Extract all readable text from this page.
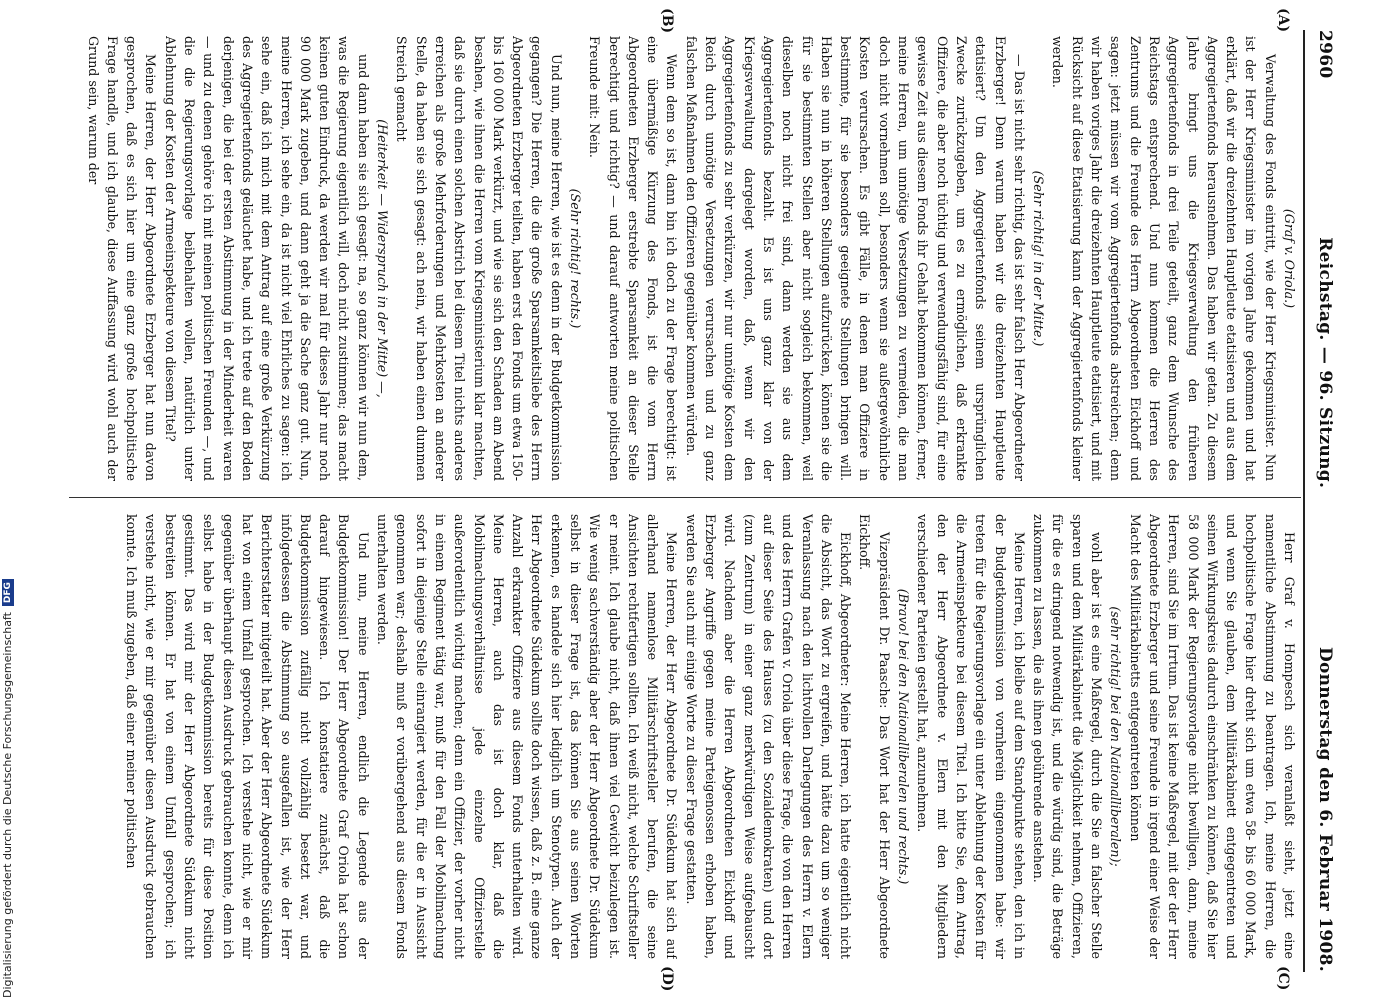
2960
Reichstag. — 96. Sitzung.
Donnerstag den 6. Februar 1908.
(A)
(B)
(C)
(D)

(Graf v. Oriola.)

Verwaltung des Fonds eintritt, wie der Herr Kriegsminister. Nun ist der Herr Kriegsminister im vorigen Jahre gekommen und hat erklärt, daß wir die dreizehnten Hauptleute etatisieren und aus dem Aggregiertenfonds herausnehmen. Das haben wir getan. Zu diesem Jahre bringt uns die Kriegsverwaltung den früheren Aggregiertenfonds in drei Teile geteilt, ganz dem Wunsche des Reichstags entsprechend. Und nun kommen die Herren des Zentrums und die Freunde des Herrn Abgeordneten Eickhoff und sagen: jetzt müssen wir vom Aggregiertenfonds abstreichen; denn wir haben voriges Jahr die dreizehnten Hauptleute etatisiert, und mit Rücksicht auf diese Etatisierung kann der Aggregiertenfonds kleiner werden.

(Sehr richtig! in der Mitte.)

— Das ist nicht sehr richtig, das ist sehr falsch Herr Abgeordneter Erzberger! Denn warum haben wir die dreizehnten Hauptleute etatisiert? Um den Aggregiertenfonds seinem ursprünglichen Zwecke zurückzugeben, um es zu ermöglichen, daß erkrankte Offiziere, die aber noch tüchtig und verwendungsfähig sind, für eine gewisse Zeit aus diesem Fonds ihr Gehalt bekommen können, ferner, meine Herren, um unnötige Versetzungen zu vermeiden, die man doch nicht vornehmen soll, besonders wenn sie außergewöhnliche Kosten verursachen. Es gibt Fälle, in denen man Offiziere in bestimmte, für sie besonders geeignete Stellungen bringen will. Haben sie nun in höheren Stellungen aufzurücken, können sie die für sie bestimmten Stellen aber nicht sogleich bekommen, weil dieselben noch nicht frei sind, dann werden sie aus dem Aggregiertenfonds bezahlt. Es ist uns ganz klar von der Kriegsverwaltung dargelegt worden, daß, wenn wir den Aggregiertenfonds zu sehr verkürzen, wir nur unnötige Kosten dem Reich durch unnötige Versetzungen verursachen und zu ganz falschen Maßnahmen den Offizieren gegenüber kommen würden.

Wenn dem so ist, dann bin ich doch zu der Frage berechtigt: ist eine übermäßige Kürzung des Fonds, ist die vom Herrn Abgeordneten Erzberger erstrebte Sparsamkeit an dieser Stelle berechtigt und richtig? — und darauf antworten meine politischen Freunde mit: Nein.

(Sehr richtig! rechts.)

Und nun, meine Herren, wie ist es denn in der Budgetkommission gegangen? Die Herren, die die große Sparsamkeitsliebe des Herrn Abgeordneten Erzberger teilten, haben erst den Fonds um etwa 150- bis 160 000 Mark verkürzt, und wie sie sich den Schaden am Abend besahen, wie ihnen die Herren vom Kriegsministerium klar machten, daß sie durch einen solchen Abstrich bei diesem Titel nichts anderes erreichen als große Mehrforderungen und Mehrkosten an anderer Stelle, da haben sie sich gesagt: ach nein, wir haben einen dummen Streich gemacht

(Heiterkeit — Widerspruch in der Mitte) —,

und dann haben sie sich gesagt: na, so ganz können wir nun dem, was die Regierung eigentlich will, doch nicht zustimmen; das macht keinen guten Eindruck, da werden wir mal für dieses Jahr nur noch 90 000 Mark zugeben, und dann geht ja die Sache ganz gut. Nun, meine Herren, ich sehe ein, da ist nicht viel Ehrliches zu sagen: ich sehe ein, daß ich mich mit dem Antrag auf eine große Verkürzung des Aggregiertenfonds geläuchet habe, und ich trete auf den Boden derjenigen, die bei der ersten Abstimmung in der Minderheit waren — und zu denen gehöre ich mit meinen politischen Freunden —, und die die Regierungsvorlage beibehalten wollen, natürlich unter Ablehnung der Kosten der Armeeinspekteure von diesem Titel?

Meine Herren, der Herr Abgeordnete Erzberger hat nun davon gesprochen, daß es sich hier um eine ganz große hochpolitische Frage handle, und ich glaube, diese Auffassung wird wohl auch der Grund sein, warum der

Herr Graf v. Hompesch sich veranlaßt sieht, jetzt eine namentliche Abstimmung zu beantragen. Ich, meine Herren, die hochpolitische Frage hier dreht sich um etwa 58- bis 60 000 Mark, und wenn Sie glauben, dem Militärkabinett entgegentreten und seinen Wirkungskreis dadurch einschränken zu können, daß Sie hier 58 000 Mark der Regierungsvorlage nicht bewilligen, dann, meine Herren, sind Sie im Irrtum. Das ist keine Maßregel, mit der der Herr Abgeordnete Erzberger und seine Freunde in irgend einer Weise der Macht des Militärkabinetts entgegentreten können

(sehr richtig! bei den Nationalliberalen);

wohl aber ist es eine Maßregel, durch die Sie an falscher Stelle sparen und dem Militärkabinett die Möglichkeit nehmen, Offizieren, für die es dringend notwendig ist, und die würdig sind, die Beträge zukommen zu lassen, die als ihnen gebührende anstehen.

Meine Herren, ich bleibe auf dem Standpunkte stehen, den ich in der Budgetkommission von vornherein eingenommen habe: wir treten für die Regierungsvorlage ein unter Ablehnung der Kosten für die Armeeinspekteure bei diesem Titel. Ich bitte Sie, dem Antrag, den der Herr Abgeordnete v. Elern mit den Mitgliedern verschiedener Parteien gestellt hat, anzunehmen.

(Bravo! bei den Nationalliberalen und rechts.)

Vizepräsident Dr. Paasche: Das Wort hat der Herr Abgeordnete Eickhoff.

Eickhoff, Abgeordneter: Meine Herren, ich hatte eigentlich nicht die Absicht, das Wort zu ergreifen, und hätte dazu um so weniger Veranlassung nach den lichtvollen Darlegungen des Herrn v. Elern und des Herrn Grafen v. Oriola über diese Frage, die von den Herren auf dieser Seite des Hauses (zu den Sozialdemokraten) und dort (zum Zentrum) in einer ganz merkwürdigen Weise aufgebauscht wird. Nachdem aber die Herren Abgeordneten Eickhoff und Erzberger Angriffe gegen meine Parteigenossen erhoben haben, werden Sie auch mir einige Worte zu dieser Frage gestatten.

Meine Herren, der Herr Abgeordnete Dr. Südekum hat sich auf allerhand namenlose Militärschriftsteller berufen, die seine Ansichten rechtfertigen sollten. Ich weiß nicht, welche Schriftsteller er meint. Ich glaube nicht, daß ihnen viel Gewicht beizulegen ist. Wie wenig sachverständig aber der Herr Abgeordnete Dr. Südekum selbst in dieser Frage ist, das können Sie aus seinen Worten erkennen, es handele sich hier lediglich um Stenotypen. Auch der Herr Abgeordnete Südekum sollte doch wissen, daß z. B. eine ganze Anzahl erkrankter Offiziere aus diesem Fonds unterhalten wird. Meine Herren, auch das ist doch klar, daß die Mobilmachungsverhältnisse jede einzelne Offizierstelle außerordentlich wichtig machen; denn ein Offizier, der vorher nicht in einem Regiment tätig war, muß für den Fall der Mobilmachung sofort in diejenige Stelle einrangiert werden, für die er in Aussicht genommen war; deshalb muß er vorübergehend aus diesem Fonds unterhalten werden.

Und nun, meine Herren, endlich die Legende aus der Budgetkommission! Der Herr Abgeordnete Graf Oriola hat schon darauf hingewiesen. Ich konstatiere zunächst, daß die Budgetkommission zufällig nicht vollzählig besetzt war, und infolgedessen die Abstimmung so ausgefallen ist, wie der Herr Berichterstatter mitgeteilt hat. Aber der Herr Abgeordnete Südekum hat von einem Umfall gesprochen. Ich verstehe nicht, wie er mir gegenüber überhaupt diesen Ausdruck gebrauchen konnte, denn ich selbst habe in der Budgetkommission bereits für diese Position gestimmt. Das wird mir der Herr Abgeordnete Südekum nicht bestreiten können. Er hat von einem Umfall gesprochen; ich verstehe nicht, wie er mir gegenüber diesen Ausdruck gebrauchen konnte. Ich muß zugeben, daß einer meiner politischen

Digitalisierung gefördert durch die Deutsche Forschungsgemeinschaft
DFG
